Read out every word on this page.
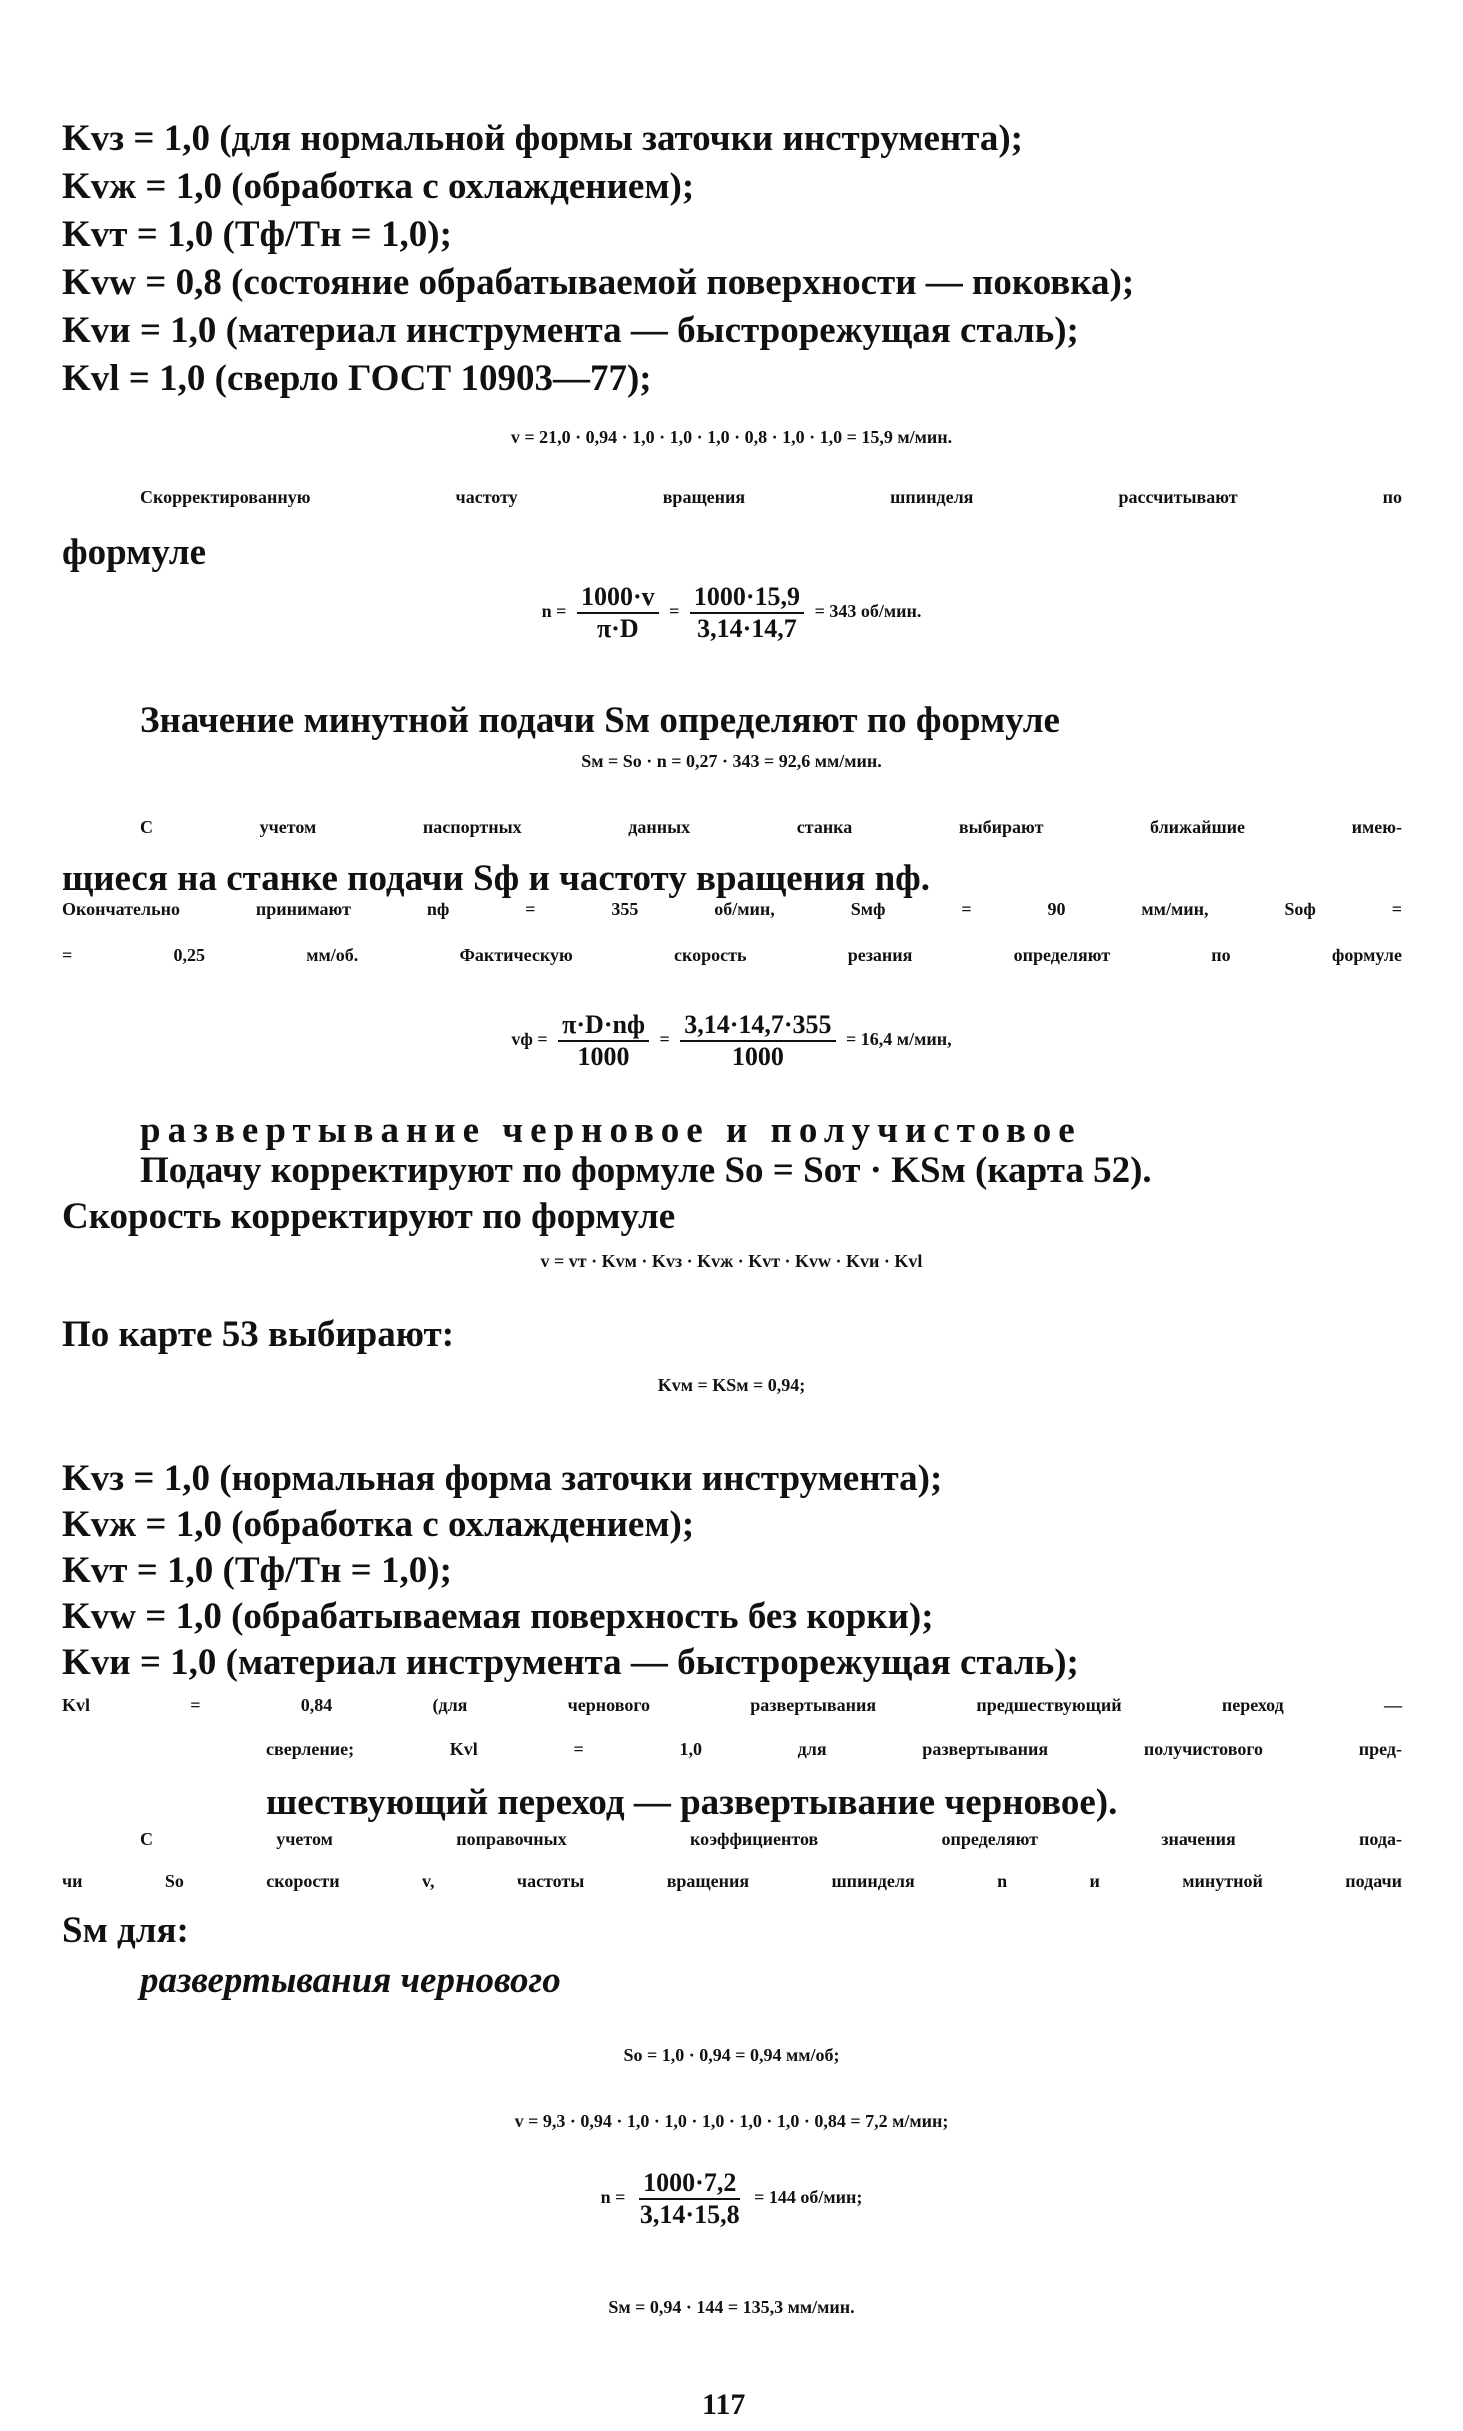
Kvз = 1,0 (для нормальной формы заточки инструмента);
Kvж = 1,0 (обработка с охлаждением);
Kvт = 1,0 (Tф/Tн = 1,0);
Kvw = 0,8 (состояние обрабатываемой поверхности — поковка);
Kvи = 1,0 (материал инструмента — быстрорежущая сталь);
Kvl = 1,0 (сверло ГОСТ 10903—77);
v = 21,0 · 0,94 · 1,0 · 1,0 · 1,0 · 0,8 · 1,0 · 1,0 = 15,9 м/мин.
Скорректированную частоту вращения шпинделя рассчитывают по
формуле
$n = \frac{1000\cdot v}{\pi\cdot D} = \frac{1000\cdot 15,9}{3,14\cdot 14,7} = 343$ об/мин.
Значение минутной подачи Sм определяют по формуле
Sм = So · n = 0,27 · 343 = 92,6 мм/мин.
С учетом паспортных данных станка выбирают ближайшие имею-
щиеся на станке подачи Sф и частоту вращения nф.
Окончательно принимают nф = 355 об/мин, Sмф = 90 мм/мин, Soф =
= 0,25 мм/об. Фактическую скорость резания определяют по формуле
vф = $\frac{\pi\cdot D\cdot nф}{1000} = \frac{3,14\cdot 14,7\cdot 355}{1000} = 16,4$ м/мин,
развертывание черновое и получистовое
Подачу корректируют по формуле So = Soт · KSм (карта 52).
Скорость корректируют по формуле
v = vт · Kvм · Kvз · Kvж · Kvт · Kvw · Kvи · Kvl
По карте 53 выбирают:
Kvм = KSм = 0,94;
Kvз = 1,0 (нормальная форма заточки инструмента);
Kvж = 1,0 (обработка с охлаждением);
Kvт = 1,0 (Tф/Tн = 1,0);
Kvw = 1,0 (обрабатываемая поверхность без корки);
Kvи = 1,0 (материал инструмента — быстрорежущая сталь);
Kvl = 0,84 (для чернового развертывания предшествующий переход —
сверление; Kvl = 1,0 для развертывания получистового пред-
шествующий переход — развертывание черновое).
С учетом поправочных коэффициентов определяют значения пода-
чи So скорости v, частоты вращения шпинделя n и минутной подачи
Sм для:
развертывания чернового
So = 1,0 · 0,94 = 0,94 мм/об;
v = 9,3 · 0,94 · 1,0 · 1,0 · 1,0 · 1,0 · 1,0 · 0,84 = 7,2 м/мин;
$n = \frac{1000\cdot 7,2}{3,14\cdot 15,8} = 144$ об/мин;
Sм = 0,94 · 144 = 135,3 мм/мин.
117
